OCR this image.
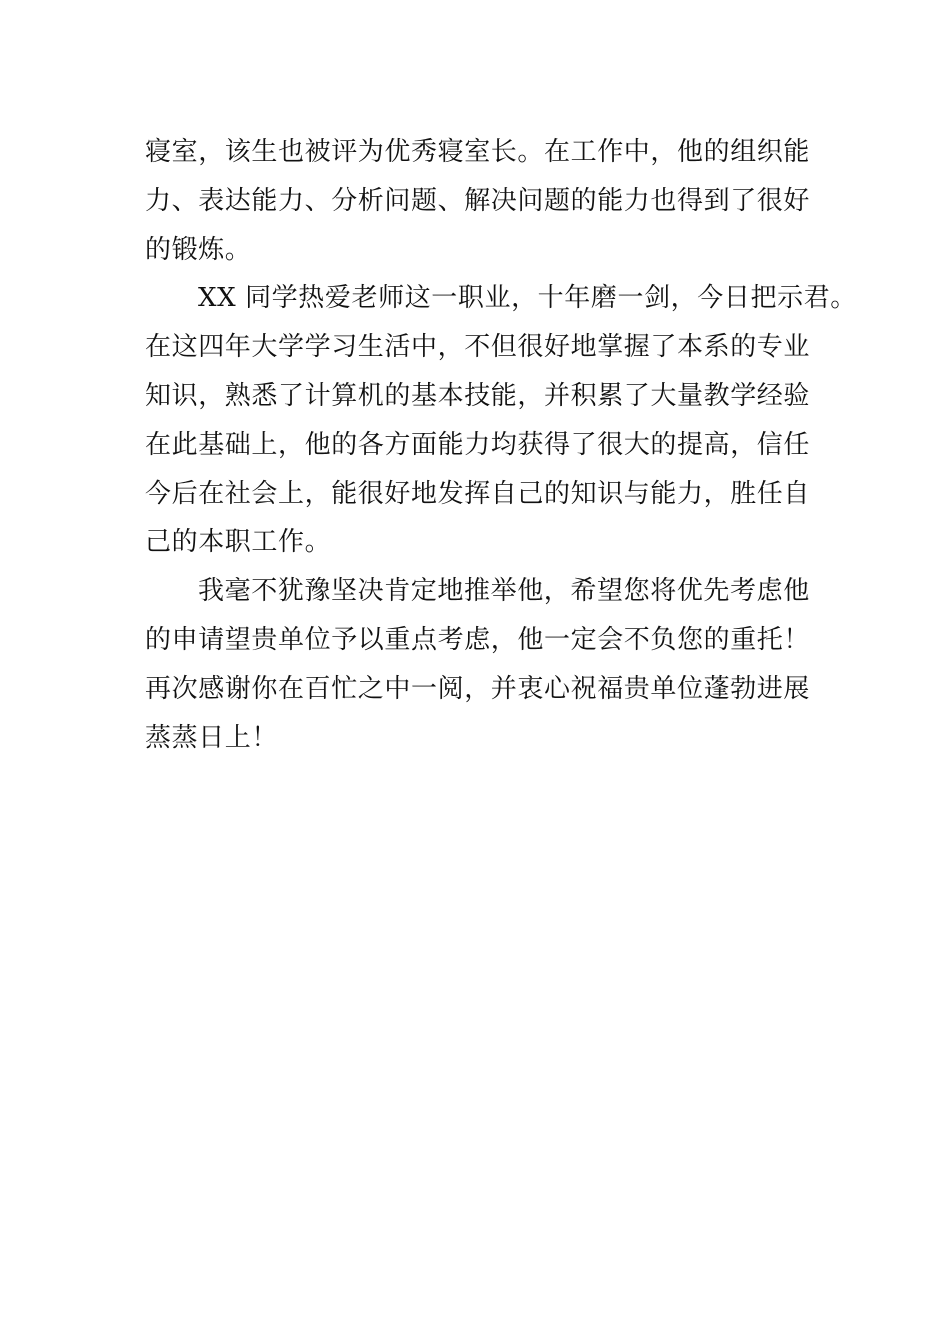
寝室，该生也被评为优秀寝室长。在工作中，他的组织能
力、表达能力、分析问题、解决问题的能力也得到了很好
的锻炼。
XX 同学热爱老师这一职业，十年磨一剑，今日把示君。
在这四年大学学习生活中，不但很好地掌握了本系的专业
知识，熟悉了计算机的基本技能，并积累了大量教学经验
在此基础上，他的各方面能力均获得了很大的提高，信任
今后在社会上，能很好地发挥自己的知识与能力，胜任自
己的本职工作。
我毫不犹豫坚决肯定地推举他，希望您将优先考虑他
的申请望贵单位予以重点考虑，他一定会不负您的重托！
再次感谢你在百忙之中一阅，并衷心祝福贵单位蓬勃进展
蒸蒸日上！
